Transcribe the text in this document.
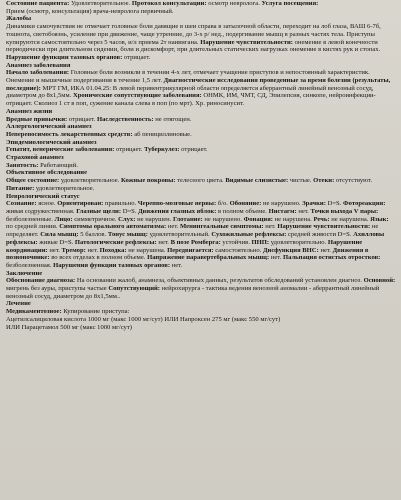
Состояние пациента: Удовлетворительное. Протокол консультации: осмотр невролога. Услуга посещения:

Прием (осмотр, консультация) врача-невролога первичный.

Жалобы

Динамики самочувствия не отмечает головные боли давящие в шеи справа в затылочной области, переходит на лоб глаза, ВАШ 6-7б, тошнота, светобоязнь, усиление при движение, чаще утренние, до 3-х р/ нед., подергивание мышц в разных частях тела. Приступы купируются самостоятельно через 5 часов, и/л приема 2т наивигана. Нарушение чувствительности: онемение в левой конечности периодически при длительном сидении, боли и дискомфорт, при длительных статических нагрузках онемение в кистях рук и стопах. Нарушение функции тазовых органов: отрицает.

Анамнез заболевания

Начало заболевания: Головные боли возникли в течении 4-х лет, отмечает учащение приступов и непостоянный характеристик. Онемение и мышечные подергивания в течение 1,5 лет. Диагностические исследования проведенные за время болезни (результаты, последние): МРТ ГМ, ИКА 01.04.25: В левой перивентрикулярной области определяется аберрантный линейный венозный сосуд, диаметром до 8х1,5мм. Хронические сопутствующие заболевания: ОНМК, ИМ, ЧМТ, СД, Эпилепсия, синкопе, нейроинфекции- отрицает. Сколиоз 1 ст в поп, сужение канала слева в поп (по мрт). Хр. риносинусит.

Анамнез жизни

Вредные привычки: отрицает. Наследственность: не отягощен.

Аллергологический анамнез

Непереносимость лекарственных средств: аб пенициллиновые.

Эпидемиологический анамнез

Гепатит, венерические заболевания: отрицает. Туберкулез: отрицает.

Страховой анамнез

Занятость: Работающий.

Объективное обследование

Общее состояние: удовлетворительное. Кожные покровы: телесного цвета. Видимые слизистые: чистые. Отеки: отсутствуют. Питание: удовлетворительное.

Неврологический статус

Сознание: ясное. Ориентирован: правильно. Черепно-мозговые нервы: б/о. Обоняние: не нарушено. Зрачки: D=S. Фотореакция: живая содружественная. Глазные щели: D=S. Движения глазных яблок: в полном объеме. Нистагм: нет. Точки выхода V пары: безболезненные. Лицо: симметричное. Слух: не нарушен. Глотание: не нарушено. Фонация: не нарушена. Речь: не нарушена. Язык: по средней линии. Симптомы орального автоматизма: нет. Менингеальные симптомы: нет. Нарушение чувствительности: не определяет. Сила мышц: 5 баллов. Тонус мышц: удовлетворительный. Сухожильные рефлексы: средней живости D=S. Ахилловы рефлексы: живые D=S. Патологические рефлексы: нет. В позе Ромберга: устойчив. ПНП: удовлетворительно. Нарушение координации: нет. Тремор: нет. Походка: не нарушена. Передвигается: самостоятельно. Дисфункция ВНС: нет. Движения в позвоночнике: во всех отделах в полном объеме. Напряжение паравертебральных мышц: нет. Пальпация остистых отростков: безболезненная. Нарушения функции тазовых органов: нет.

Заключение

Обоснование диагноза: На основании жалоб, анамнеза, объективных данных, результатов обследований установлен диагноз. Основной: мигрень без ауры, приступы частые Сопутствующий: нейрохирурга - тактика ведения венозной аномалии - аберрантный линейный венозный сосуд, диаметром до 8х1,5мм..

Лечение

Медикаментозное: Купирование приступа:

Ацетилсалициловая кислота 1000 мг (макс 1000 мг/сут) ИЛИ Напроксен 275 мг (макс 550 мг/сут)

ИЛИ Парацетамол 500 мг (макс 1000 мг/сут)
